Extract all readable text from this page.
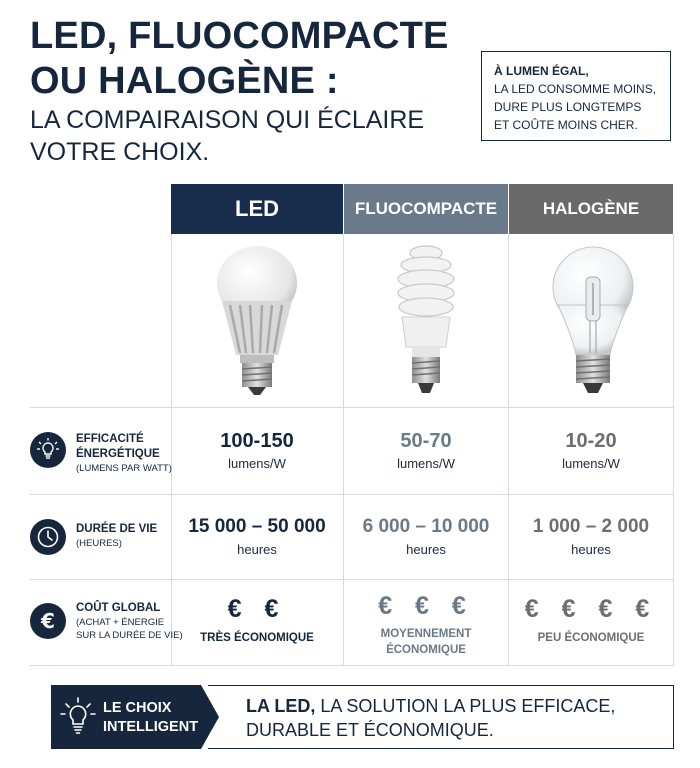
LED, FLUOCOMPACTE
OU HALOGÈNE :
LA COMPAIRAISON QUI ÉCLAIRE
VOTRE CHOIX.
À LUMEN ÉGAL,
LA LED CONSOMME MOINS,
DURE PLUS LONGTEMPS
ET COÛTE MOINS CHER.
LED	FLUOCOMPACTE	HALOGÈNE
EFFICACITÉ
ÉNERGÉTIQUE
(LUMENS PAR WATT)
100-150
lumens/W
50-70
lumens/W
10-20
lumens/W
DURÉE DE VIE
(HEURES)
15 000 – 50 000
heures
6 000 – 10 000
heures
1 000 – 2 000
heures
€
COÛT GLOBAL
(ACHAT + ÉNERGIE
SUR LA DURÉE DE VIE)
€ €
TRÈS ÉCONOMIQUE
€ € €
MOYENNEMENT
ÉCONOMIQUE
€ € € €
PEU ÉCONOMIQUE
LE CHOIX
INTELLIGENT
LA LED, LA SOLUTION LA PLUS EFFICACE,
DURABLE ET ÉCONOMIQUE.
